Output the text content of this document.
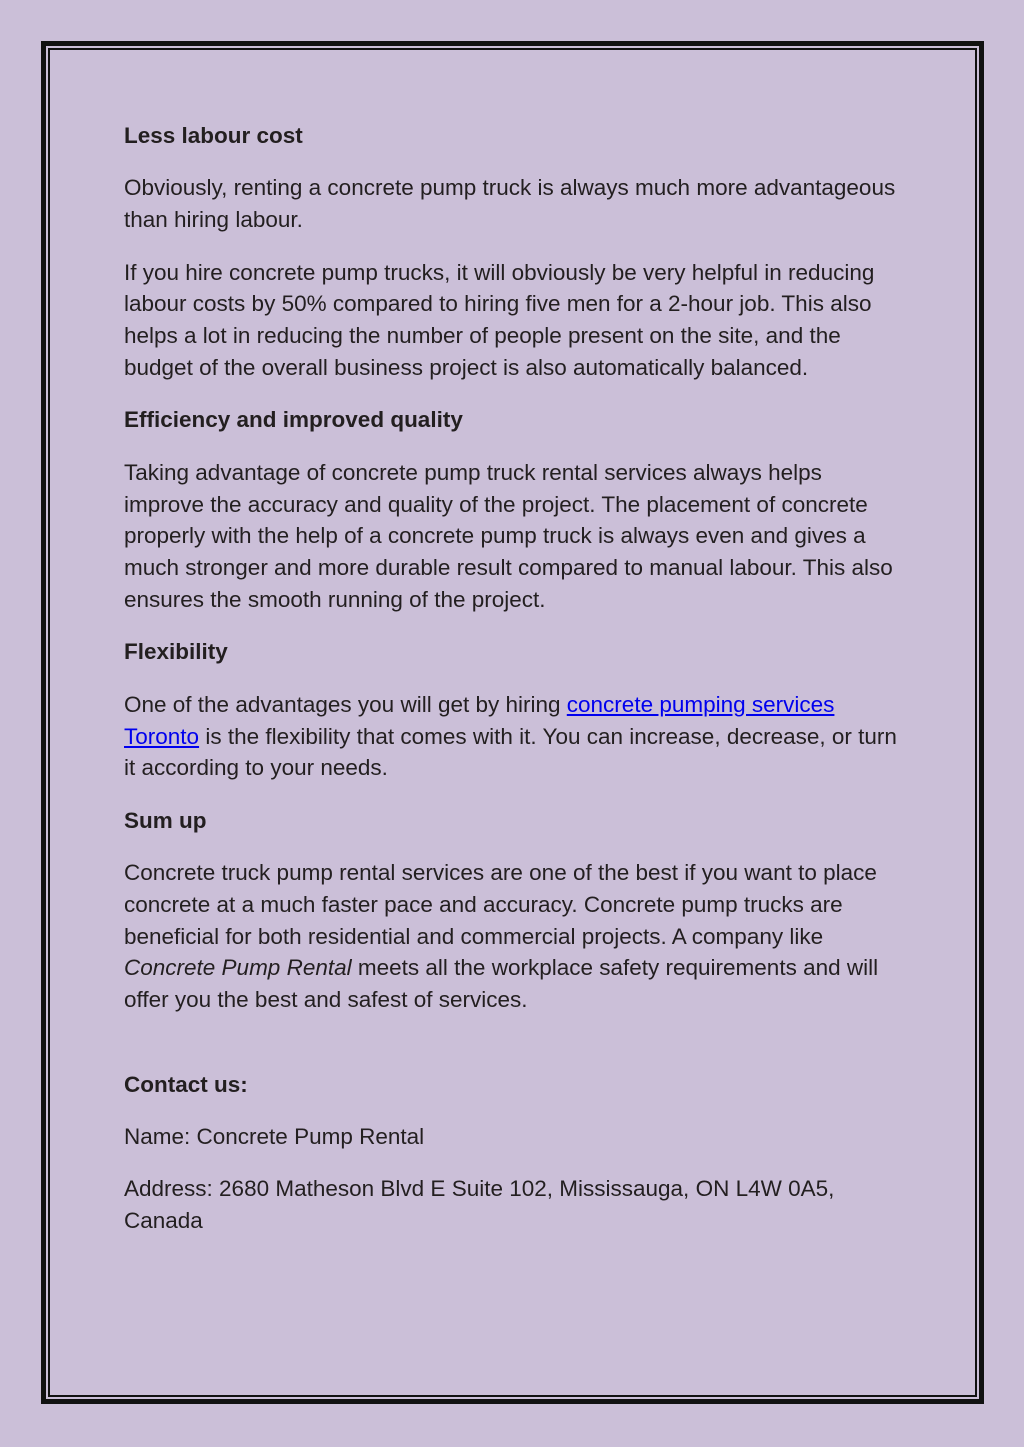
Less labour cost

Obviously, renting a concrete pump truck is always much more advantageous than hiring labour.

If you hire concrete pump trucks, it will obviously be very helpful in reducing labour costs by 50% compared to hiring five men for a 2-hour job. This also helps a lot in reducing the number of people present on the site, and the budget of the overall business project is also automatically balanced.

Efficiency and improved quality

Taking advantage of concrete pump truck rental services always helps improve the accuracy and quality of the project. The placement of concrete properly with the help of a concrete pump truck is always even and gives a much stronger and more durable result compared to manual labour. This also ensures the smooth running of the project.

Flexibility

One of the advantages you will get by hiring concrete pumping services Toronto is the flexibility that comes with it. You can increase, decrease, or turn it according to your needs.

Sum up

Concrete truck pump rental services are one of the best if you want to place concrete at a much faster pace and accuracy. Concrete pump trucks are beneficial for both residential and commercial projects. A company like Concrete Pump Rental meets all the workplace safety requirements and will offer you the best and safest of services.

Contact us:

Name: Concrete Pump Rental

Address: 2680 Matheson Blvd E Suite 102, Mississauga, ON L4W 0A5, Canada
